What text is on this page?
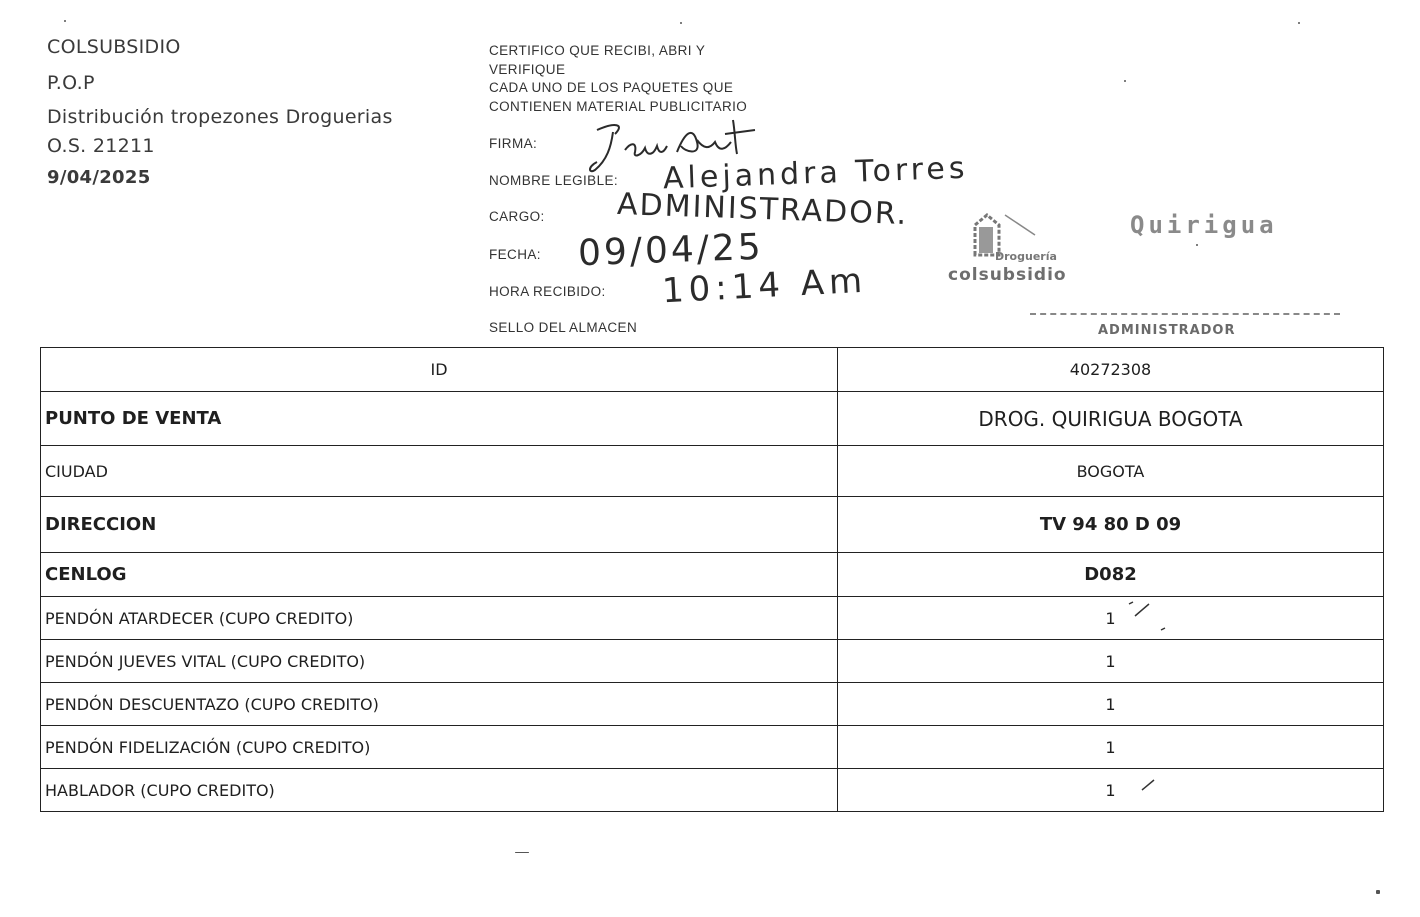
COLSUBSIDIO
P.O.P
Distribución tropezones Droguerias
O.S. 21211
9/04/2025
CERTIFICO QUE RECIBI, ABRI Y
VERIFIQUE
CADA UNO DE LOS PAQUETES QUE
CONTIENEN MATERIAL PUBLICITARIO
FIRMA:
NOMBRE LEGIBLE:
CARGO:
FECHA:
HORA RECIBIDO:
SELLO DEL ALMACEN
Alejandra Torres
ADMINISTRADOR.
09/04/25
10:14 Am
Quirigua
Droguería
colsubsidio
ADMINISTRADOR
ID	40272308
PUNTO DE VENTA	DROG. QUIRIGUA BOGOTA
CIUDAD	BOGOTA
DIRECCION	TV 94 80 D 09
CENLOG	D082
PENDÓN ATARDECER (CUPO CREDITO)	1
PENDÓN JUEVES VITAL (CUPO CREDITO)	1
PENDÓN DESCUENTAZO (CUPO CREDITO)	1
PENDÓN FIDELIZACIÓN (CUPO CREDITO)	1
HABLADOR (CUPO CREDITO)	1
